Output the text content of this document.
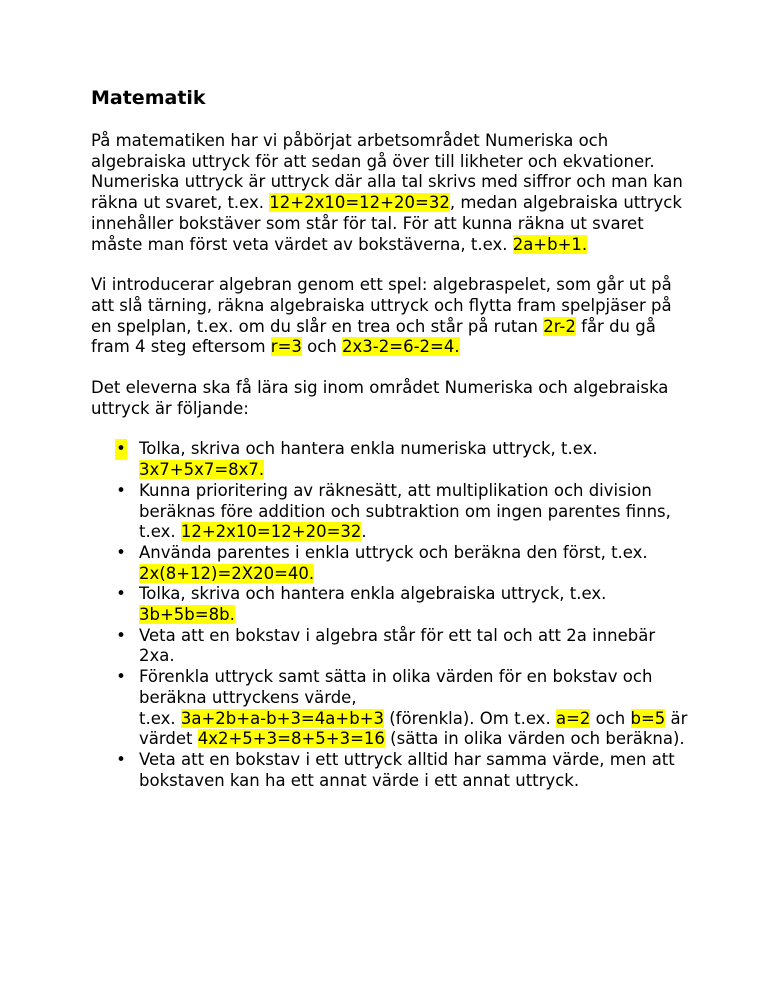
Matematik

På matematiken har vi påbörjat arbetsområdet Numeriska och algebraiska uttryck för att sedan gå över till likheter och ekvationer. Numeriska uttryck är uttryck där alla tal skrivs med siffror och man kan räkna ut svaret, t.ex. 12+2x10=12+20=32, medan algebraiska uttryck innehåller bokstäver som står för tal. För att kunna räkna ut svaret måste man först veta värdet av bokstäverna, t.ex. 2a+b+1.

Vi introducerar algebran genom ett spel: algebraspelet, som går ut på att slå tärning, räkna algebraiska uttryck och flytta fram spelpjäser på en spelplan, t.ex. om du slår en trea och står på rutan 2r-2 får du gå fram 4 steg eftersom r=3 och 2x3-2=6-2=4.

Det eleverna ska få lära sig inom området Numeriska och algebraiska uttryck är följande:

• Tolka, skriva och hantera enkla numeriska uttryck, t.ex.
3x7+5x7=8x7.
• Kunna prioritering av räknesätt, att multiplikation och division beräknas före addition och subtraktion om ingen parentes finns, t.ex. 12+2x10=12+20=32.
• Använda parentes i enkla uttryck och beräkna den först, t.ex. 2x(8+12)=2X20=40.
• Tolka, skriva och hantera enkla algebraiska uttryck, t.ex.
3b+5b=8b.
• Veta att en bokstav i algebra står för ett tal och att 2a innebär 2xa.
• Förenkla uttryck samt sätta in olika värden för en bokstav och beräkna uttryckens värde,
t.ex. 3a+2b+a-b+3=4a+b+3 (förenkla). Om t.ex. a=2 och b=5 är värdet 4x2+5+3=8+5+3=16 (sätta in olika värden och beräkna).
• Veta att en bokstav i ett uttryck alltid har samma värde, men att bokstaven kan ha ett annat värde i ett annat uttryck.
